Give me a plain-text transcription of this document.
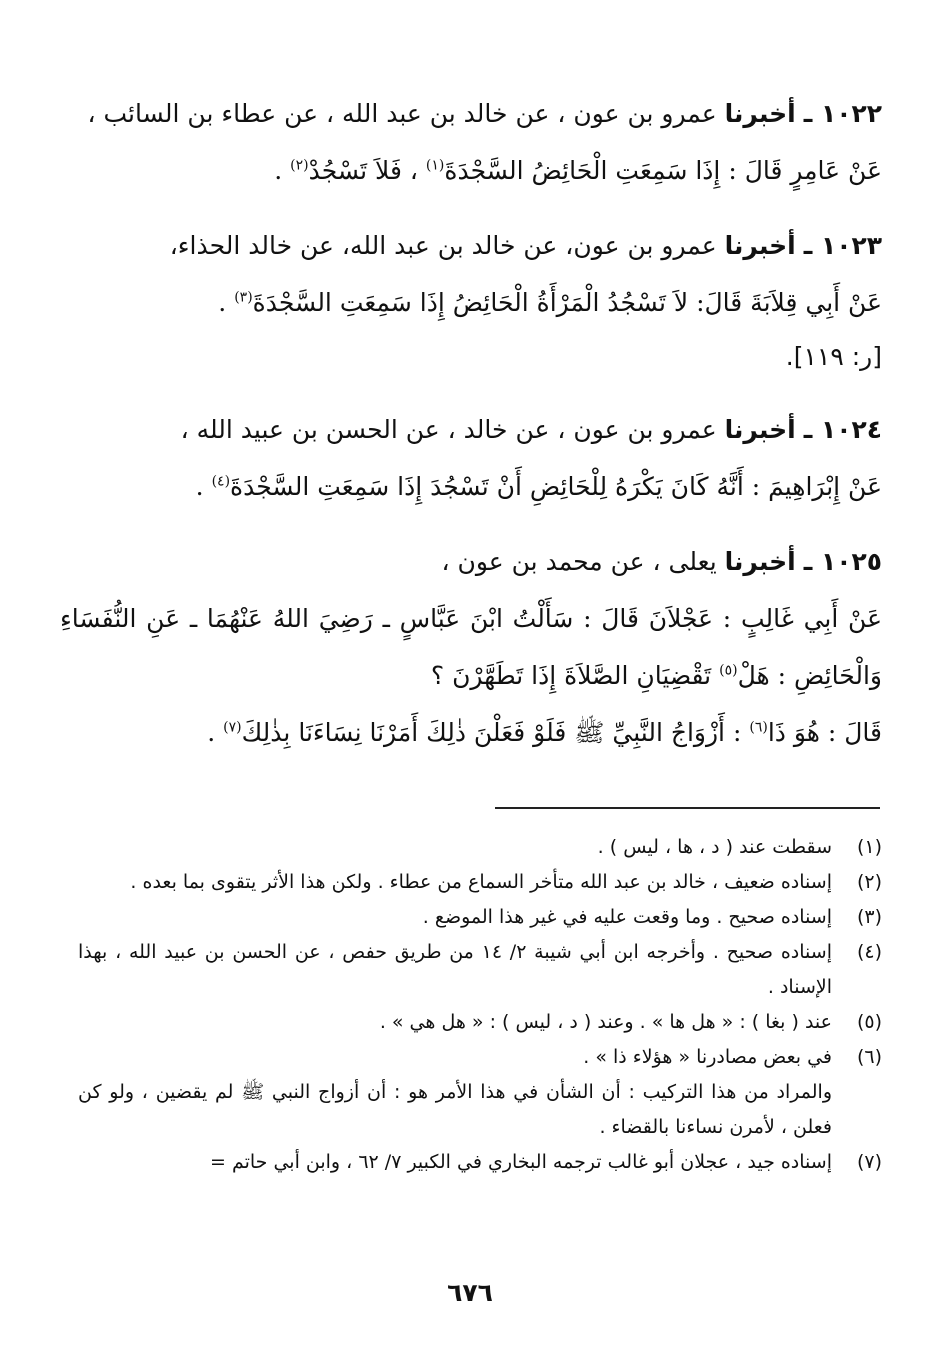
١٠٢٢ ـ أخبرنا عمرو بن عون ، عن خالد بن عبد الله ، عن عطاء بن السائب ،

عَنْ عَامِرٍ قَالَ : إِذَا سَمِعَتِ الْحَائِضُ السَّجْدَةَ$^{(١)}$ ، فَلاَ تَسْجُدْ$^{(٢)}$ .

١٠٢٣ ـ أخبرنا عمرو بن عون، عن خالد بن عبد الله، عن خالد الحذاء،

عَنْ أَبِي قِلاَبَةَ قَالَ: لاَ تَسْجُدُ الْمَرْأَةُ الْحَائِضُ إِذَا سَمِعَتِ السَّجْدَةَ$^{(٣)}$ .

[ر: ١١٩].

١٠٢٤ ـ أخبرنا عمرو بن عون ، عن خالد ، عن الحسن بن عبيد الله ،

عَنْ إِبْرَاهِيمَ : أَنَّهُ كَانَ يَكْرَهُ لِلْحَائِضِ أَنْ تَسْجُدَ إِذَا سَمِعَتِ السَّجْدَةَ$^{(٤)}$ .

١٠٢٥ ـ أخبرنا يعلى ، عن محمد بن عون ،

عَنْ أَبِي غَالِبٍ : عَجْلاَنَ قَالَ : سَأَلْتُ ابْنَ عَبَّاسٍ ـ رَضِيَ اللهُ عَنْهُمَا ـ عَنِ النُّفَسَاءِ وَالْحَائِضِ : هَلْ$^{(٥)}$ تَقْضِيَانِ الصَّلاَةَ إِذَا تَطَهَّرْنَ ؟

قَالَ : هُوَ ذَا$^{(٦)}$ : أَزْوَاجُ النَّبِيِّ ﷺ فَلَوْ فَعَلْنَ ذٰلِكَ أَمَرْنَا نِسَاءَنَا بِذٰلِكَ$^{(٧)}$ .

(١)
سقطت عند ( د ، ها ، ليس ) .
(٢)
إسناده ضعيف ، خالد بن عبد الله متأخر السماع من عطاء . ولكن هذا الأثر يتقوى بما بعده .
(٣)
إسناده صحيح . وما وقعت عليه في غير هذا الموضع .
(٤)
إسناده صحيح . وأخرجه ابن أبي شيبة ٢/ ١٤ من طريق حفص ، عن الحسن بن عبيد الله ، بهذا الإسناد .
(٥)
عند ( بغا ) : « هل ها » . وعند ( د ، ليس ) : « هل هي » .
(٦)
في بعض مصادرنا « هؤلاء ذا » .
والمراد من هذا التركيب : أن الشأن في هذا الأمر هو : أن أزواج النبي ﷺ لم يقضين ، ولو كن فعلن ، لأمرن نساءنا بالقضاء .
(٧)
إسناده جيد ، عجلان أبو غالب ترجمه البخاري في الكبير ٧/ ٦٢ ، وابن أبي حاتم =
٦٧٦
